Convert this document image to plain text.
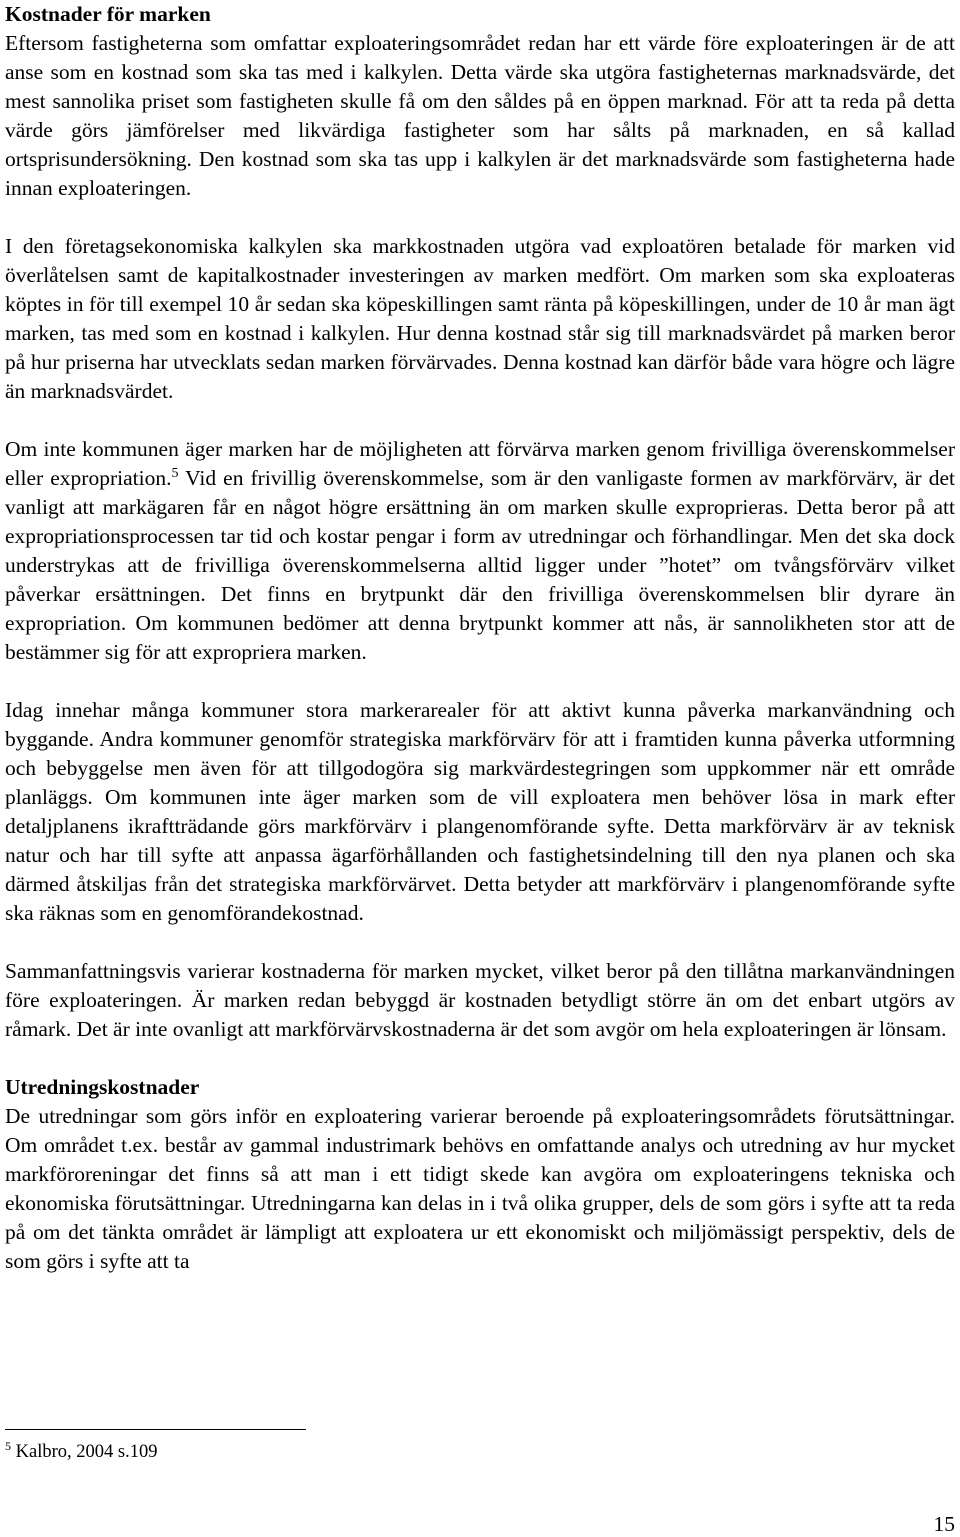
Kostnader för marken

Eftersom fastigheterna som omfattar exploateringsområdet redan har ett värde före exploateringen är de att anse som en kostnad som ska tas med i kalkylen. Detta värde ska utgöra fastigheternas marknadsvärde, det mest sannolika priset som fastigheten skulle få om den såldes på en öppen marknad. För att ta reda på detta värde görs jämförelser med likvärdiga fastigheter som har sålts på marknaden, en så kallad ortsprisundersökning. Den kostnad som ska tas upp i kalkylen är det marknadsvärde som fastigheterna hade innan exploateringen.

I den företagsekonomiska kalkylen ska markkostnaden utgöra vad exploatören betalade för marken vid överlåtelsen samt de kapitalkostnader investeringen av marken medfört. Om marken som ska exploateras köptes in för till exempel 10 år sedan ska köpeskillingen samt ränta på köpeskillingen, under de 10 år man ägt marken, tas med som en kostnad i kalkylen. Hur denna kostnad står sig till marknadsvärdet på marken beror på hur priserna har utvecklats sedan marken förvärvades. Denna kostnad kan därför både vara högre och lägre än marknadsvärdet.

Om inte kommunen äger marken har de möjligheten att förvärva marken genom frivilliga överenskommelser eller expropriation.$^5$ Vid en frivillig överenskommelse, som är den vanligaste formen av markförvärv, är det vanligt att markägaren får en något högre ersättning än om marken skulle exproprieras. Detta beror på att expropriationsprocessen tar tid och kostar pengar i form av utredningar och förhandlingar. Men det ska dock understrykas att de frivilliga överenskommelserna alltid ligger under ”hotet” om tvångsförvärv vilket påverkar ersättningen. Det finns en brytpunkt där den frivilliga överenskommelsen blir dyrare än expropriation. Om kommunen bedömer att denna brytpunkt kommer att nås, är sannolikheten stor att de bestämmer sig för att expropriera marken.

Idag innehar många kommuner stora markerarealer för att aktivt kunna påverka markanvändning och byggande. Andra kommuner genomför strategiska markförvärv för att i framtiden kunna påverka utformning och bebyggelse men även för att tillgodogöra sig markvärdestegringen som uppkommer när ett område planläggs. Om kommunen inte äger marken som de vill exploatera men behöver lösa in mark efter detaljplanens ikraftträdande görs markförvärv i plangenomförande syfte. Detta markförvärv är av teknisk natur och har till syfte att anpassa ägarförhållanden och fastighetsindelning till den nya planen och ska därmed åtskiljas från det strategiska markförvärvet. Detta betyder att markförvärv i plangenomförande syfte ska räknas som en genomförandekostnad.

Sammanfattningsvis varierar kostnaderna för marken mycket, vilket beror på den tillåtna markanvändningen före exploateringen. Är marken redan bebyggd är kostnaden betydligt större än om det enbart utgörs av råmark. Det är inte ovanligt att markförvärvskostnaderna är det som avgör om hela exploateringen är lönsam.

Utredningskostnader

De utredningar som görs inför en exploatering varierar beroende på exploateringsområdets förutsättningar. Om området t.ex. består av gammal industrimark behövs en omfattande analys och utredning av hur mycket markföroreningar det finns så att man i ett tidigt skede kan avgöra om exploateringens tekniska och ekonomiska förutsättningar. Utredningarna kan delas in i två olika grupper, dels de som görs i syfte att ta reda på om det tänkta området är lämpligt att exploatera ur ett ekonomiskt och miljömässigt perspektiv, dels de som görs i syfte att ta

$^5$ Kalbro, 2004 s.109

15
